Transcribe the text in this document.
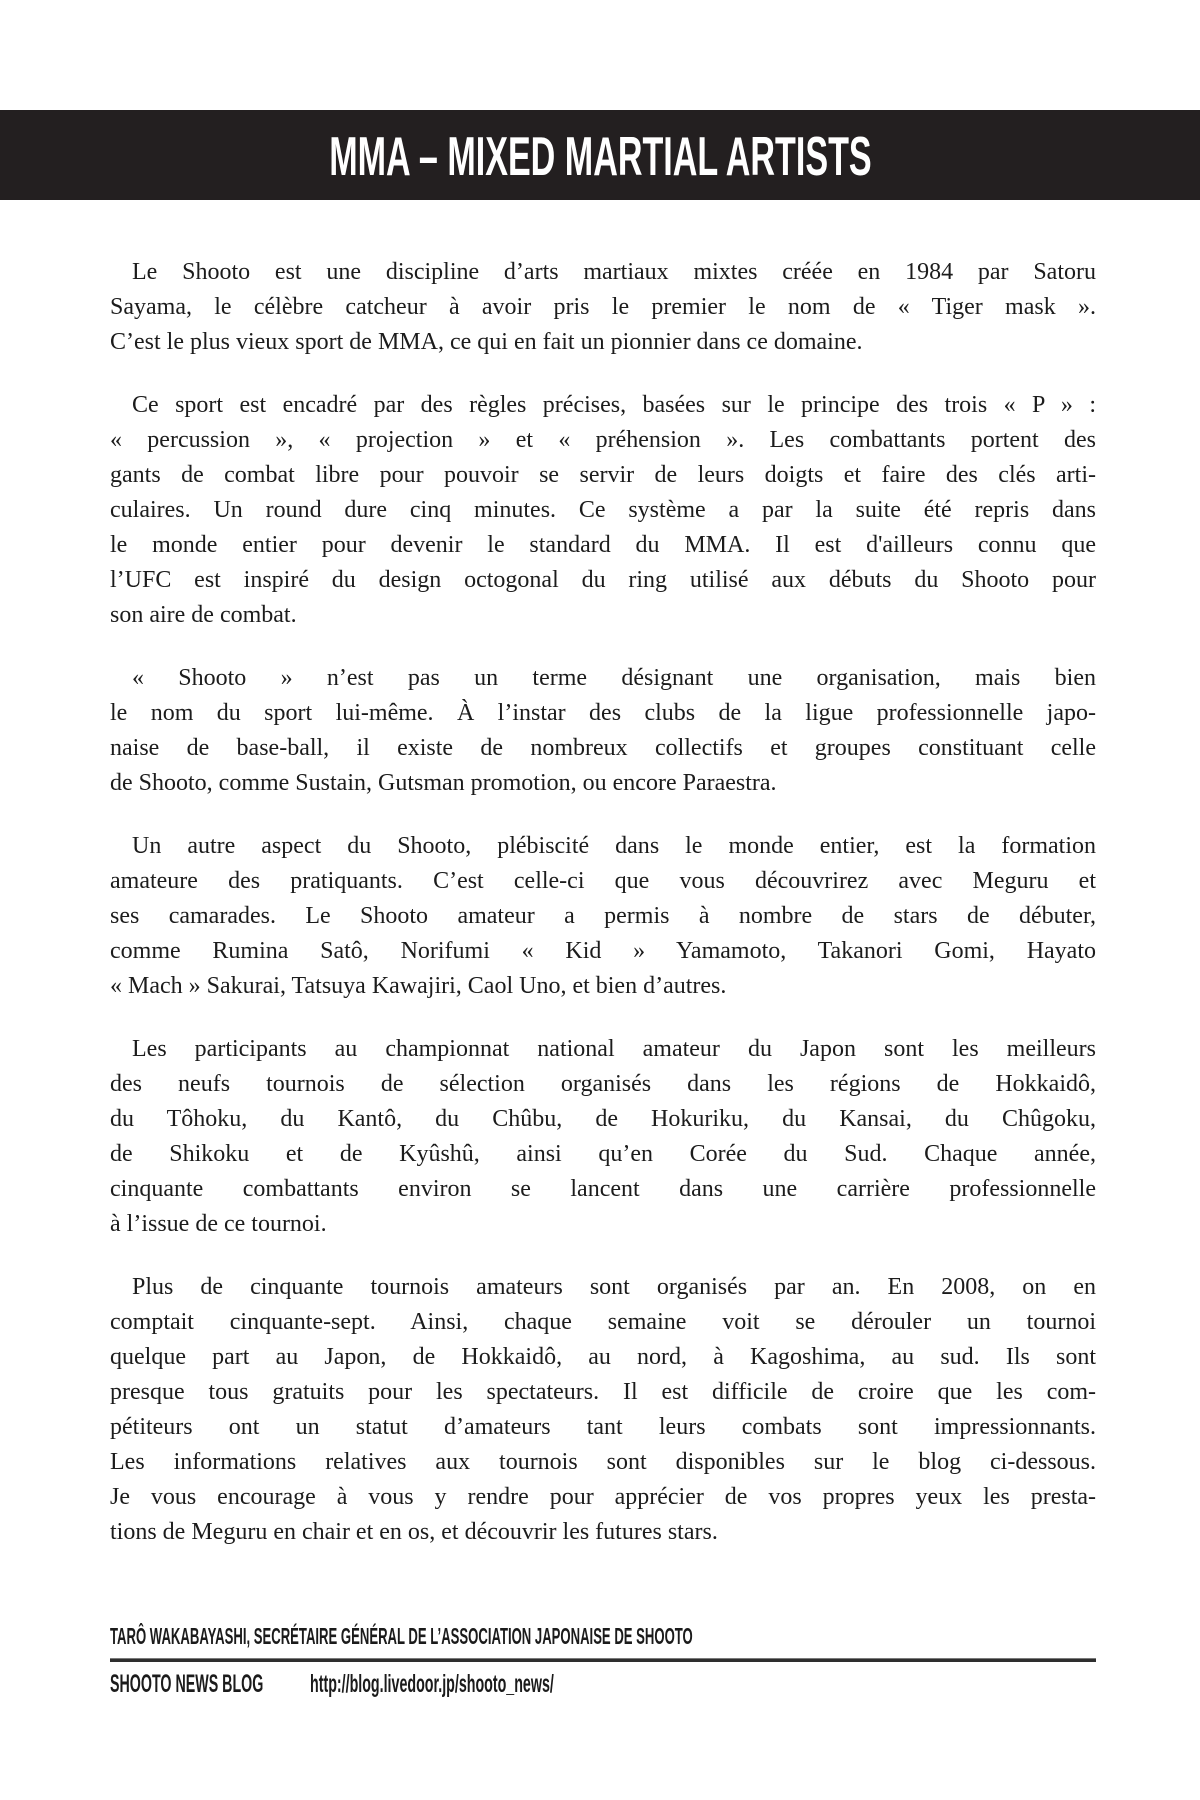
MMA – MIXED MARTIAL ARTISTS

Le Shooto est une discipline d’arts martiaux mixtes créée en 1984 par Satoru
Sayama, le célèbre catcheur à avoir pris le premier le nom de « Tiger mask ».
C’est le plus vieux sport de MMA, ce qui en fait un pionnier dans ce domaine.

Ce sport est encadré par des règles précises, basées sur le principe des trois « P » :
« percussion », « projection » et « préhension ». Les combattants portent des
gants de combat libre pour pouvoir se servir de leurs doigts et faire des clés arti-
culaires. Un round dure cinq minutes. Ce système a par la suite été repris dans
le monde entier pour devenir le standard du MMA. Il est d'ailleurs connu que
l’UFC est inspiré du design octogonal du ring utilisé aux débuts du Shooto pour
son aire de combat.

« Shooto » n’est pas un terme désignant une organisation, mais bien
le nom du sport lui-même. À l’instar des clubs de la ligue professionnelle japo-
naise de base-ball, il existe de nombreux collectifs et groupes constituant celle
de Shooto, comme Sustain, Gutsman promotion, ou encore Paraestra.

Un autre aspect du Shooto, plébiscité dans le monde entier, est la formation
amateure des pratiquants. C’est celle-ci que vous découvrirez avec Meguru et
ses camarades. Le Shooto amateur a permis à nombre de stars de débuter,
comme Rumina Satô, Norifumi « Kid » Yamamoto, Takanori Gomi, Hayato
« Mach » Sakurai, Tatsuya Kawajiri, Caol Uno, et bien d’autres.

Les participants au championnat national amateur du Japon sont les meilleurs
des neufs tournois de sélection organisés dans les régions de Hokkaidô,
du Tôhoku, du Kantô, du Chûbu, de Hokuriku, du Kansai, du Chûgoku,
de Shikoku et de Kyûshû, ainsi qu’en Corée du Sud. Chaque année,
cinquante combattants environ se lancent dans une carrière professionnelle
à l’issue de ce tournoi.

Plus de cinquante tournois amateurs sont organisés par an. En 2008, on en
comptait cinquante-sept. Ainsi, chaque semaine voit se dérouler un tournoi
quelque part au Japon, de Hokkaidô, au nord, à Kagoshima, au sud. Ils sont
presque tous gratuits pour les spectateurs. Il est difficile de croire que les com-
pétiteurs ont un statut d’amateurs tant leurs combats sont impressionnants.
Les informations relatives aux tournois sont disponibles sur le blog ci-dessous.
Je vous encourage à vous y rendre pour apprécier de vos propres yeux les presta-
tions de Meguru en chair et en os, et découvrir les futures stars.

TARÔ WAKABAYASHI, SECRÉTAIRE GÉNÉRAL DE L’ASSOCIATION JAPONAISE DE SHOOTO
SHOOTO NEWS BLOG	http://blog.livedoor.jp/shooto_news/
